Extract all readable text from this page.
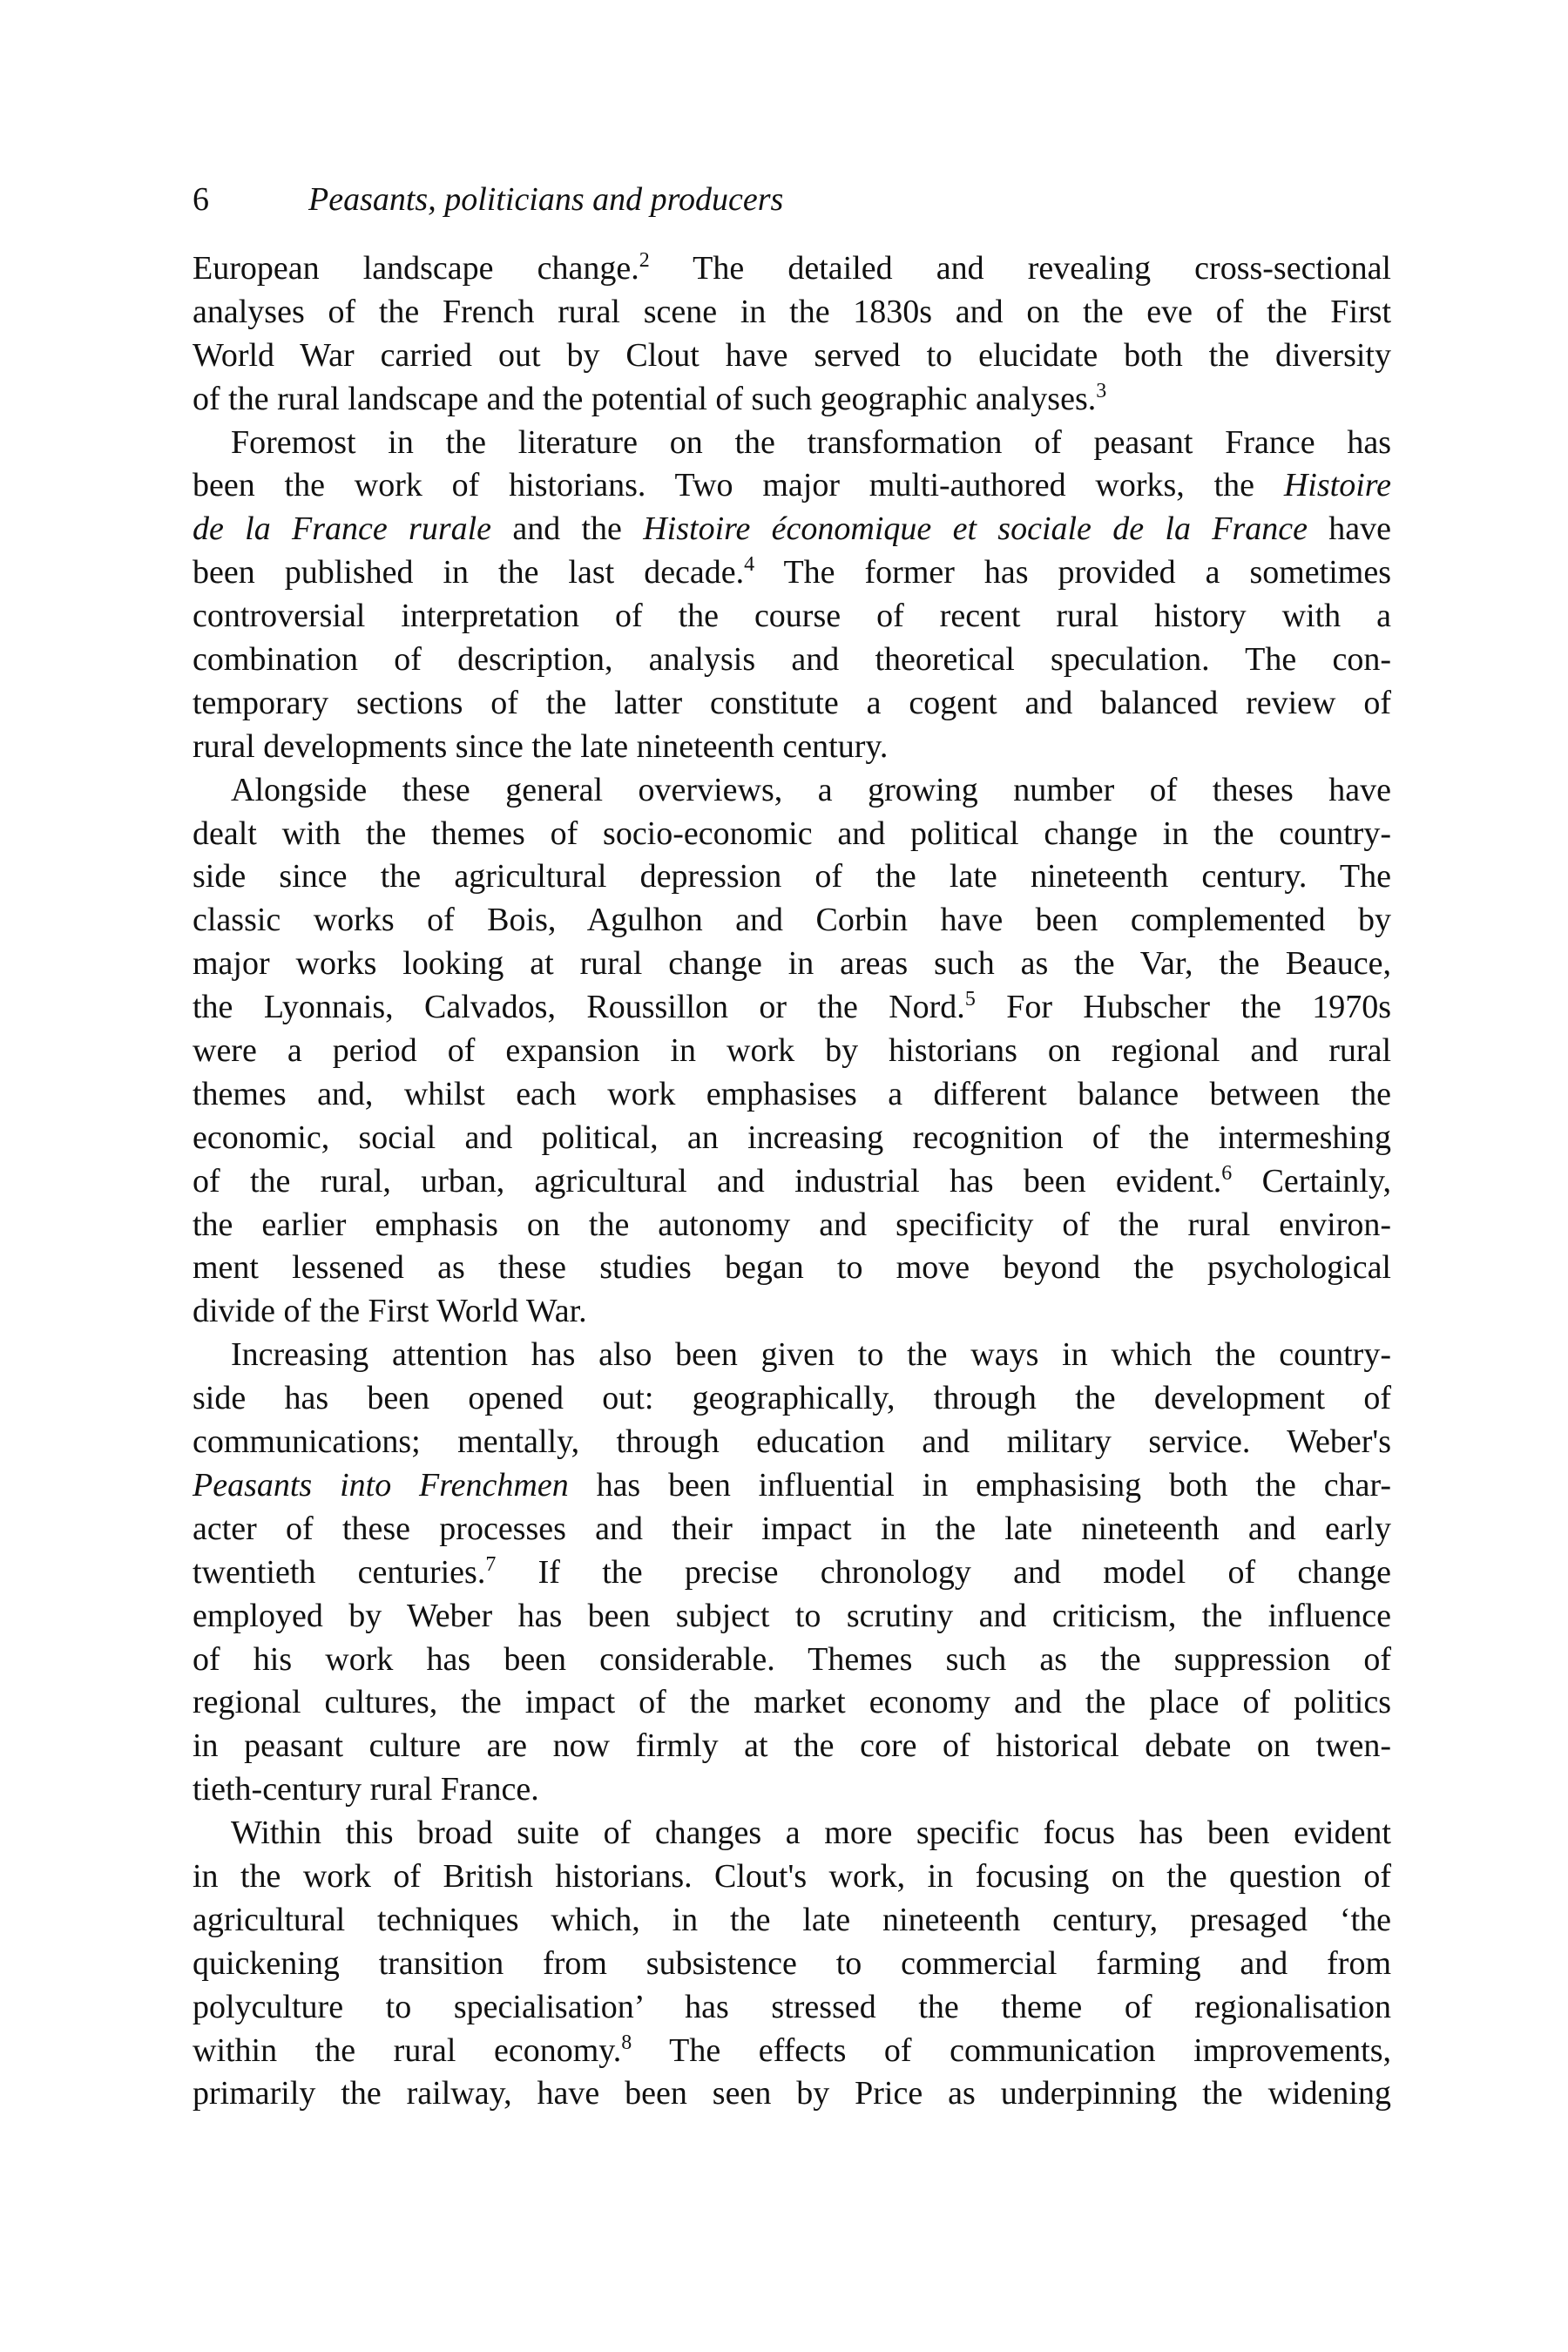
6	Peasants, politicians and producers
European landscape change.$^2$ The detailed and revealing cross-sectional
analyses of the French rural scene in the 1830s and on the eve of the First
World War carried out by Clout have served to elucidate both the diversity
of the rural landscape and the potential of such geographic analyses.$^3$
Foremost in the literature on the transformation of peasant France has
been the work of historians. Two major multi-authored works, the Histoire
de la France rurale and the Histoire économique et sociale de la France have
been published in the last decade.$^4$ The former has provided a sometimes
controversial interpretation of the course of recent rural history with a
combination of description, analysis and theoretical speculation. The con-
temporary sections of the latter constitute a cogent and balanced review of
rural developments since the late nineteenth century.
Alongside these general overviews, a growing number of theses have
dealt with the themes of socio-economic and political change in the country-
side since the agricultural depression of the late nineteenth century. The
classic works of Bois, Agulhon and Corbin have been complemented by
major works looking at rural change in areas such as the Var, the Beauce,
the Lyonnais, Calvados, Roussillon or the Nord.$^5$ For Hubscher the 1970s
were a period of expansion in work by historians on regional and rural
themes and, whilst each work emphasises a different balance between the
economic, social and political, an increasing recognition of the intermeshing
of the rural, urban, agricultural and industrial has been evident.$^6$ Certainly,
the earlier emphasis on the autonomy and specificity of the rural environ-
ment lessened as these studies began to move beyond the psychological
divide of the First World War.
Increasing attention has also been given to the ways in which the country-
side has been opened out: geographically, through the development of
communications; mentally, through education and military service. Weber's
Peasants into Frenchmen has been influential in emphasising both the char-
acter of these processes and their impact in the late nineteenth and early
twentieth centuries.$^7$ If the precise chronology and model of change
employed by Weber has been subject to scrutiny and criticism, the influence
of his work has been considerable. Themes such as the suppression of
regional cultures, the impact of the market economy and the place of politics
in peasant culture are now firmly at the core of historical debate on twen-
tieth-century rural France.
Within this broad suite of changes a more specific focus has been evident
in the work of British historians. Clout's work, in focusing on the question of
agricultural techniques which, in the late nineteenth century, presaged ‘the
quickening transition from subsistence to commercial farming and from
polyculture to specialisation’ has stressed the theme of regionalisation
within the rural economy.$^8$ The effects of communication improvements,
primarily the railway, have been seen by Price as underpinning the widening
